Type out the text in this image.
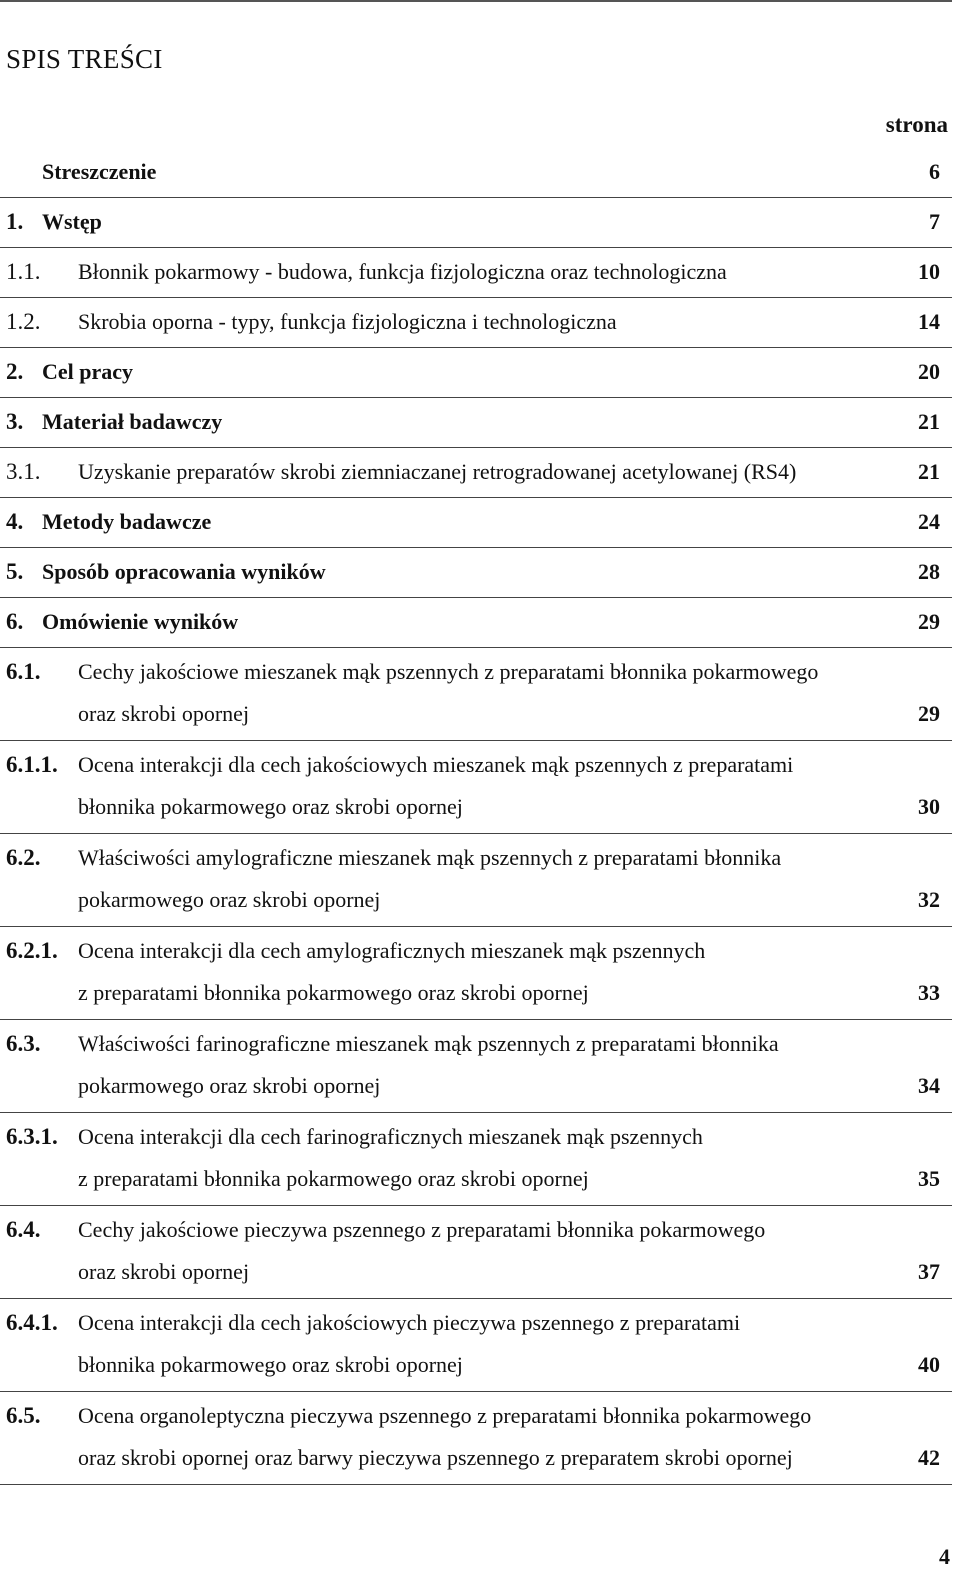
SPIS TREŚCI
strona
Streszczenie	6
1. Wstęp	7
1.1.	Błonnik pokarmowy - budowa, funkcja fizjologiczna oraz technologiczna	10
1.2.	Skrobia oporna - typy, funkcja fizjologiczna i technologiczna	14
2. Cel pracy	20
3. Materiał badawczy	21
3.1.	Uzyskanie preparatów skrobi ziemniaczanej retrogradowanej acetylowanej (RS4)	21
4. Metody badawcze	24
5. Sposób opracowania wyników	28
6. Omówienie wyników	29
6.1.	Cechy jakościowe mieszanek mąk pszennych z preparatami błonnika pokarmowego
oraz skrobi opornej	29
6.1.1. Ocena interakcji dla cech jakościowych mieszanek mąk pszennych z preparatami
błonnika pokarmowego oraz skrobi opornej	30
6.2.	Właściwości amylograficzne mieszanek mąk pszennych z preparatami błonnika
pokarmowego oraz skrobi opornej	32
6.2.1. Ocena interakcji dla cech amylograficznych mieszanek mąk pszennych
z preparatami błonnika pokarmowego oraz skrobi opornej	33
6.3.	Właściwości farinograficzne mieszanek mąk pszennych z preparatami błonnika
pokarmowego oraz skrobi opornej	34
6.3.1. Ocena interakcji dla cech farinograficznych mieszanek mąk pszennych
z preparatami błonnika pokarmowego oraz skrobi opornej	35
6.4.	Cechy jakościowe pieczywa pszennego z preparatami błonnika pokarmowego
oraz skrobi opornej	37
6.4.1. Ocena interakcji dla cech jakościowych pieczywa pszennego z preparatami
błonnika pokarmowego oraz skrobi opornej	40
6.5.	Ocena organoleptyczna pieczywa pszennego z preparatami błonnika pokarmowego
oraz skrobi opornej oraz barwy pieczywa pszennego z preparatem skrobi opornej	42
4
